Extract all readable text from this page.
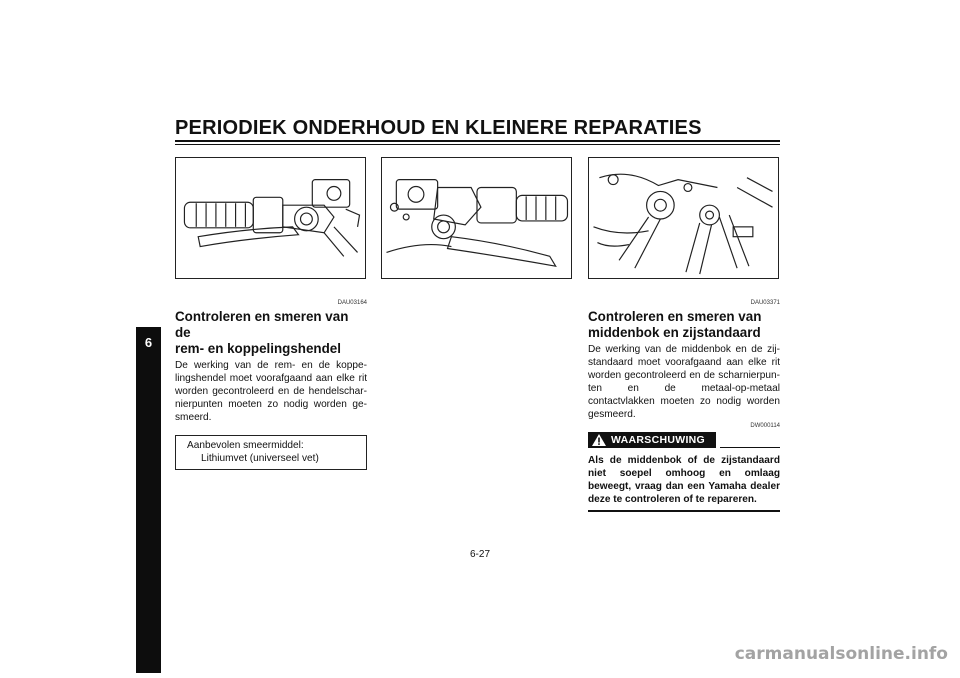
PERIODIEK ONDERHOUD EN KLEINERE REPARATIES
6
DAU03164
Controleren en smeren van de
rem- en koppelingshendel
De werking van de rem- en de koppe-lingshendel moet voorafgaand aan elke rit worden gecontroleerd en de hendelschar-nierpunten moeten zo nodig worden ge-smeerd.
Aanbevolen smeermiddel:

Lithiumvet (universeel vet)
DAU03371
Controleren en smeren van
middenbok en zijstandaard
De werking van de middenbok en de zij-standaard moet voorafgaand aan elke rit worden gecontroleerd en de scharnierpun-ten en de metaal-op-metaal contactvlakken moeten zo nodig worden gesmeerd.
DW000114
WAARSCHUWING
Als de middenbok of de zijstandaard niet soepel omhoog en omlaag beweegt, vraag dan een Yamaha dealer deze te controleren of te repareren.
6-27
carmanualsonline.info
